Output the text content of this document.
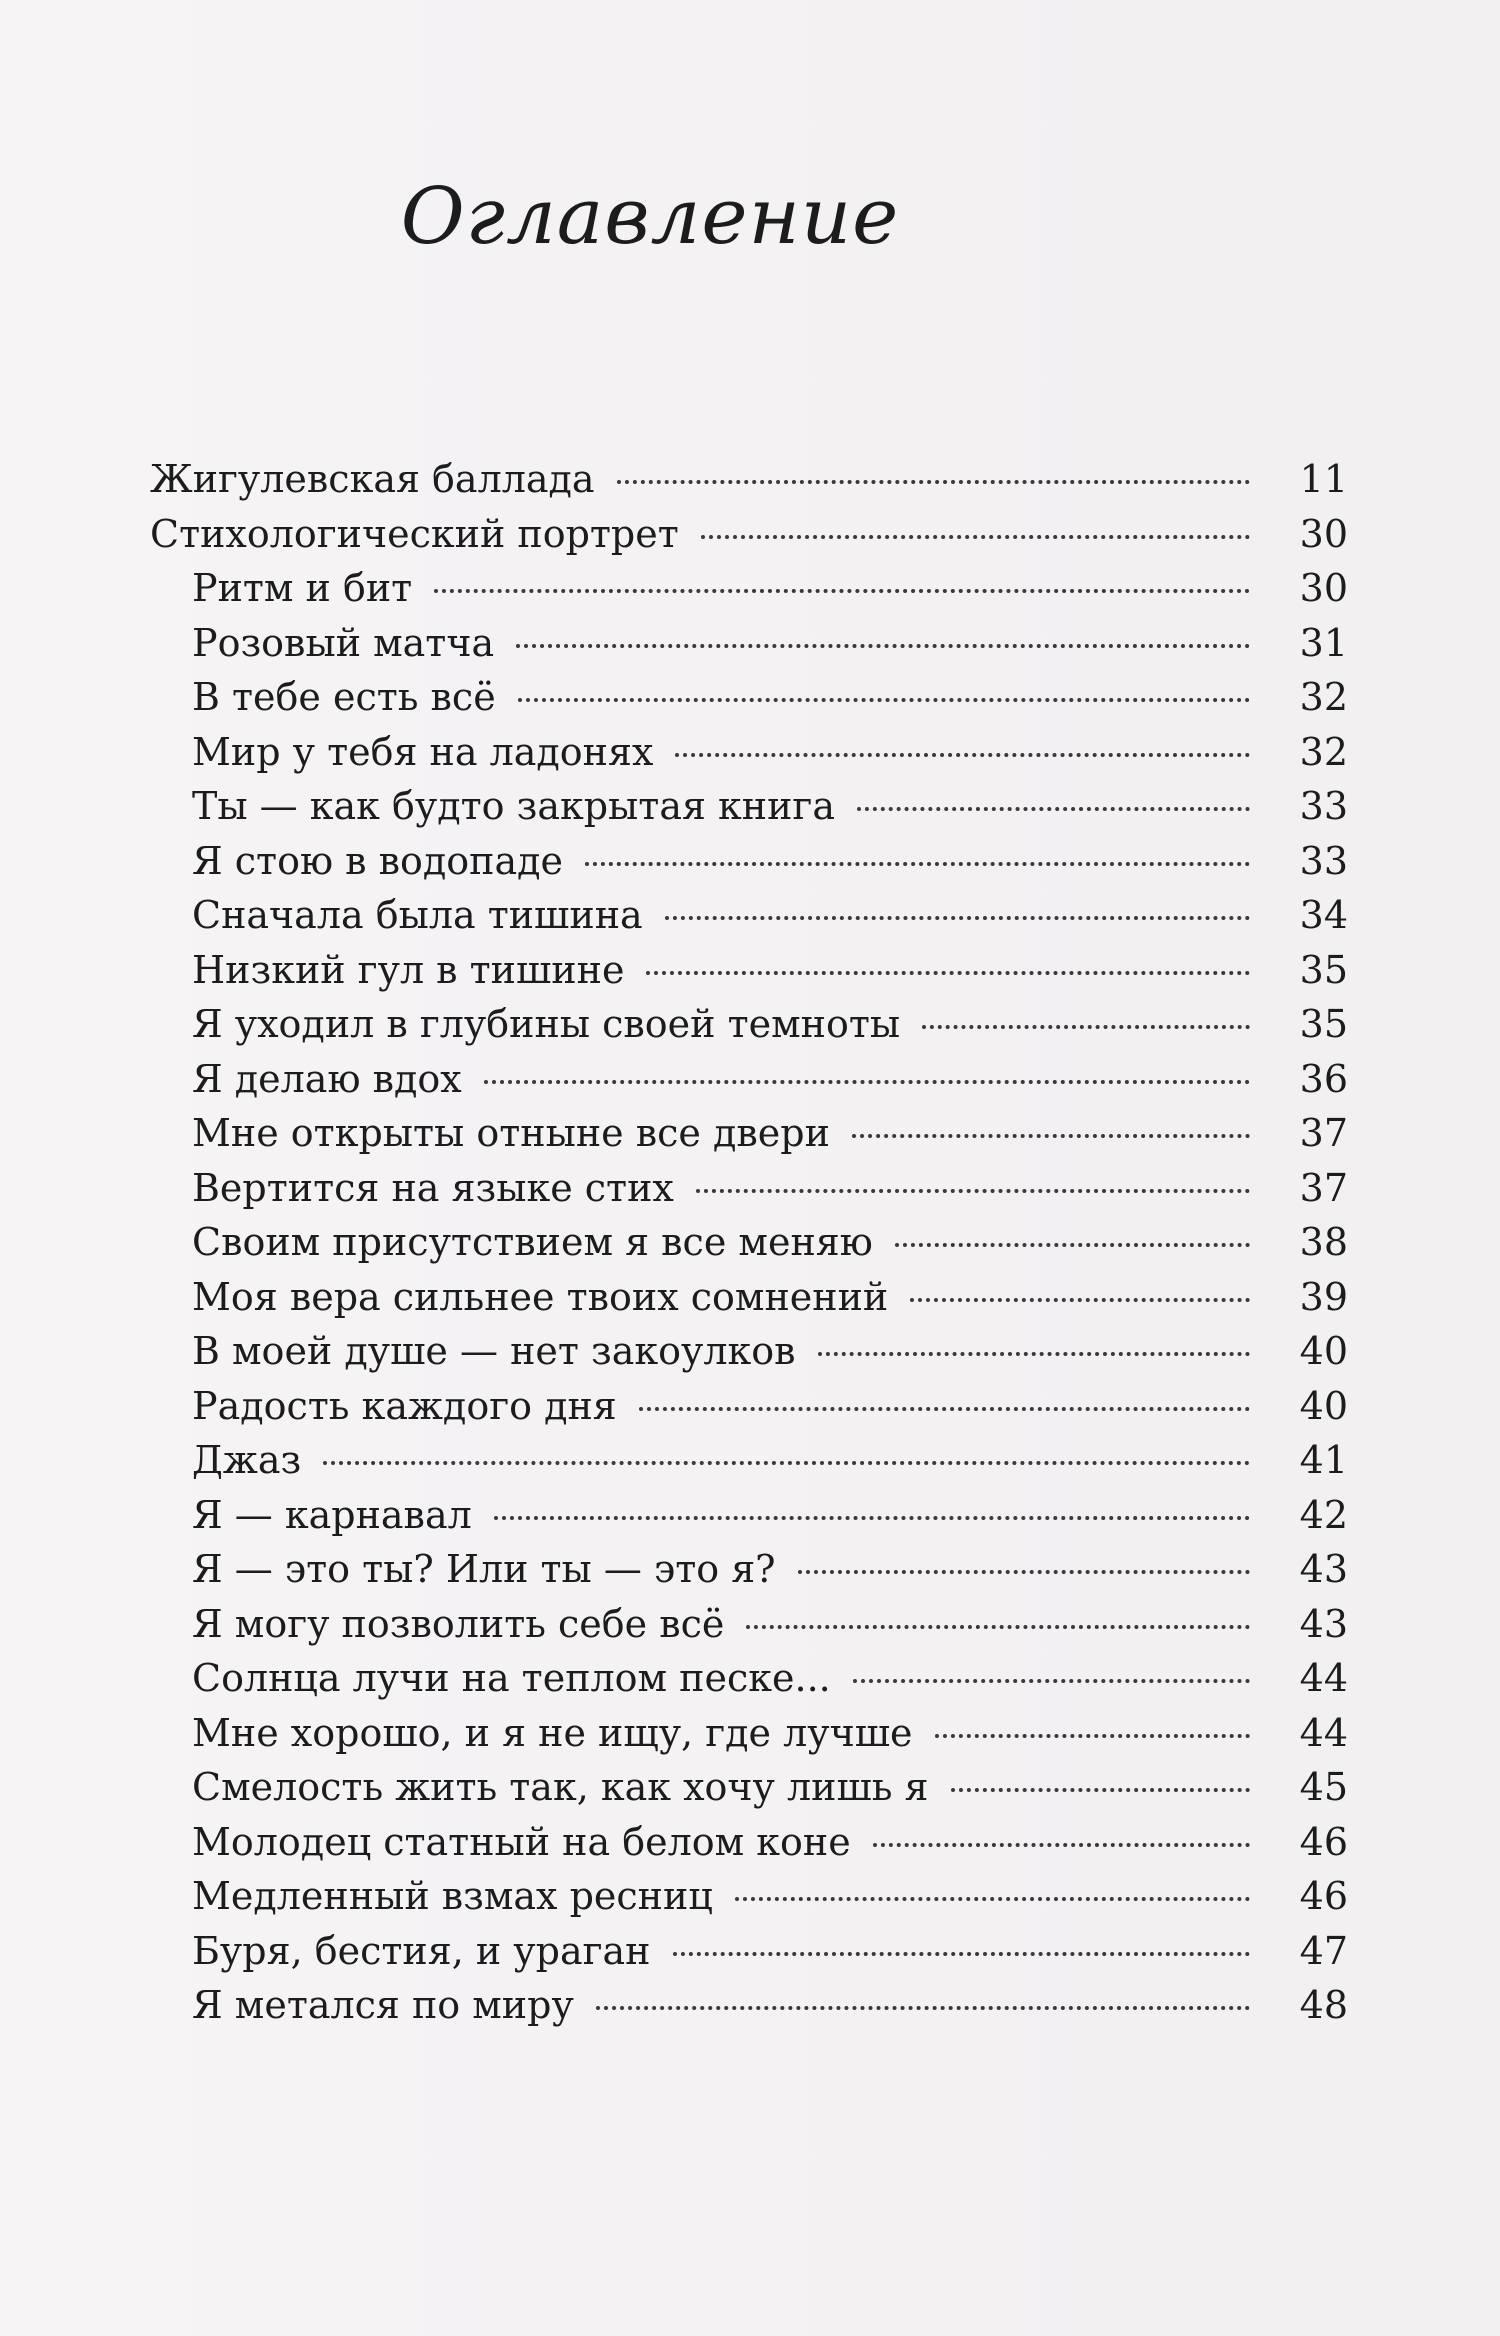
Оглавление
Жигулевская баллада	11
Стихологический портрет	30
Ритм и бит	30
Розовый матча	31
В тебе есть всё	32
Мир у тебя на ладонях	32
Ты — как будто закрытая книга	33
Я стою в водопаде	33
Сначала была тишина	34
Низкий гул в тишине	35
Я уходил в глубины своей темноты	35
Я делаю вдох	36
Мне открыты отныне все двери	37
Вертится на языке стих	37
Своим присутствием я все меняю	38
Моя вера сильнее твоих сомнений	39
В моей душе — нет закоулков	40
Радость каждого дня	40
Джаз	41
Я — карнавал	42
Я — это ты? Или ты — это я?	43
Я могу позволить себе всё	43
Солнца лучи на теплом песке...	44
Мне хорошо, и я не ищу, где лучше	44
Смелость жить так, как хочу лишь я	45
Молодец статный на белом коне	46
Медленный взмах ресниц	46
Буря, бестия, и ураган	47
Я метался по миру	48
